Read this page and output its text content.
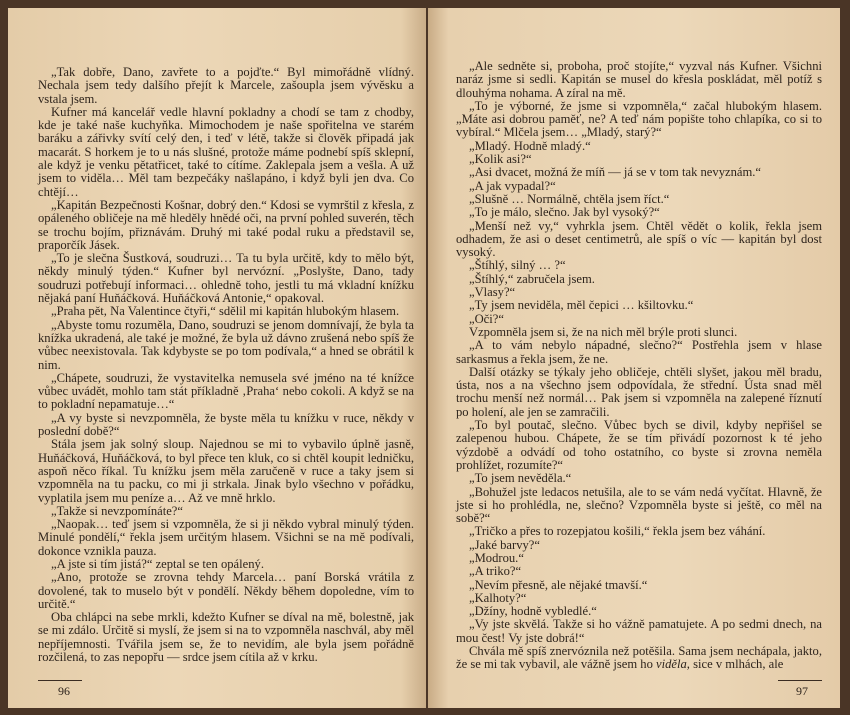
„Tak dobře, Dano, zavřete to a pojďte.“ Byl mimořádně vlídný. Nechala jsem tedy dalšího přejít k Marcele, zašoupla jsem vývěsku a vstala jsem.

Kufner má kancelář vedle hlavní pokladny a chodí se tam z chodby, kde je také naše kuchyňka. Mimochodem je naše spořitelna ve starém baráku a zářivky svítí celý den, i teď v létě, takže si člověk připadá jak macarát. S horkem je to u nás slušné, protože máme podnebí spíš sklepní, ale když je venku pětatřicet, také to cítíme. Zaklepala jsem a vešla. A už jsem to viděla… Měl tam bezpečáky našlapáno, i když byli jen dva. Co chtějí…

„Kapitán Bezpečnosti Košnar, dobrý den.“ Kdosi se vymrštil z křesla, z opáleného obličeje na mě hleděly hnědé oči, na první pohled suverén, těch se trochu bojím, přiznávám. Druhý mi také podal ruku a představil se, praporčík Jásek.

„To je slečna Šustková, soudruzi… Ta tu byla určitě, kdy to mělo být, někdy minulý týden.“ Kufner byl nervózní. „Poslyšte, Dano, tady soudruzi potřebují informaci… ohledně toho, jestli tu má vkladní knížku nějaká paní Huňáčková. Huňáčková Antonie,“ opakoval.

„Praha pět, Na Valentince čtyři,“ sdělil mi kapitán hlubokým hlasem.

„Abyste tomu rozuměla, Dano, soudruzi se jenom domnívají, že byla ta knížka ukradená, ale také je možné, že byla už dávno zrušená nebo spíš že vůbec neexistovala. Tak kdybyste se po tom podívala,“ a hned se obrátil k nim.

„Chápete, soudruzi, že vystavitelka nemusela své jméno na té knížce vůbec uvádět, mohlo tam stát příkladně ‚Praha‘ nebo cokoli. A když se na to pokladní nepamatuje…“

„A vy byste si nevzpomněla, že byste měla tu knížku v ruce, někdy v poslední době?“

Stála jsem jak solný sloup. Najednou se mi to vybavilo úplně jasně, Huňáčková, Huňáčková, to byl přece ten kluk, co si chtěl koupit ledničku, aspoň něco říkal. Tu knížku jsem měla zaručeně v ruce a taky jsem si vzpomněla na tu packu, co mi ji strkala. Jinak bylo všechno v pořádku, vyplatila jsem mu peníze a… Až ve mně hrklo.

„Takže si nevzpomínáte?“

„Naopak… teď jsem si vzpomněla, že si ji někdo vybral minulý týden. Minulé pondělí,“ řekla jsem určitým hlasem. Všichni se na mě podívali, dokonce vznikla pauza.

„A jste si tím jistá?“ zeptal se ten opálený.

„Ano, protože se zrovna tehdy Marcela… paní Borská vrátila z dovolené, tak to muselo být v pondělí. Někdy během dopoledne, vím to určitě.“

Oba chlápci na sebe mrkli, kdežto Kufner se díval na mě, bolestně, jak se mi zdálo. Určitě si myslí, že jsem si na to vzpomněla naschvál, aby měl nepříjemnosti. Tvářila jsem se, že to nevidím, ale byla jsem pořádně rozčilená, to zas nepopřu — srdce jsem cítila až v krku.

96

„Ale sedněte si, proboha, proč stojíte,“ vyzval nás Kufner. Všichni naráz jsme si sedli. Kapitán se musel do křesla poskládat, měl potíž s dlouhýma nohama. A zíral na mě.

„To je výborné, že jsme si vzpomněla,“ začal hlubokým hlasem. „Máte asi dobrou paměť, ne? A teď nám popište toho chlapíka, co si to vybíral.“ Mlčela jsem… „Mladý, starý?“

„Mladý. Hodně mladý.“

„Kolik asi?“

„Asi dvacet, možná že míň — já se v tom tak nevyznám.“

„A jak vypadal?“

„Slušně … Normálně, chtěla jsem říct.“

„To je málo, slečno. Jak byl vysoký?“

„Menší než vy,“ vyhrkla jsem. Chtěl vědět o kolik, řekla jsem odhadem, že asi o deset centimetrů, ale spíš o víc — kapitán byl dost vysoký.

„Štíhlý, silný … ?“

„Štíhlý,“ zabručela jsem.

„Vlasy?“

„Ty jsem neviděla, měl čepici … kšiltovku.“

„Oči?“

Vzpomněla jsem si, že na nich měl brýle proti slunci.

„A to vám nebylo nápadné, slečno?“ Postřehla jsem v hlase sarkasmus a řekla jsem, že ne.

Další otázky se týkaly jeho obličeje, chtěli slyšet, jakou měl bradu, ústa, nos a na všechno jsem odpovídala, že střední. Ústa snad měl trochu menší než normál… Pak jsem si vzpomněla na zalepené říznutí po holení, ale jen se zamračili.

„To byl poutač, slečno. Vůbec bych se divil, kdyby nepřišel se zalepenou hubou. Chápete, že se tím přivádí pozornost k té jeho výzdobě a odvádí od toho ostatního, co byste si zrovna neměla prohlížet, rozumíte?“

„To jsem nevěděla.“

„Bohužel jste ledacos netušila, ale to se vám nedá vyčítat. Hlavně, že jste si ho prohlédla, ne, slečno? Vzpomněla byste si ještě, co měl na sobě?“

„Tričko a přes to rozepjatou košili,“ řekla jsem bez váhání.

„Jaké barvy?“

„Modrou.“

„A triko?“

„Nevím přesně, ale nějaké tmavší.“

„Kalhoty?“

„Džíny, hodně vybledlé.“

„Vy jste skvělá. Takže si ho vážně pamatujete. A po sedmi dnech, na mou čest! Vy jste dobrá!“

Chvála mě spíš znervóznila než potěšila. Sama jsem nechápala, jakto, že se mi tak vybavil, ale vážně jsem ho viděla, sice v mlhách, ale

97
